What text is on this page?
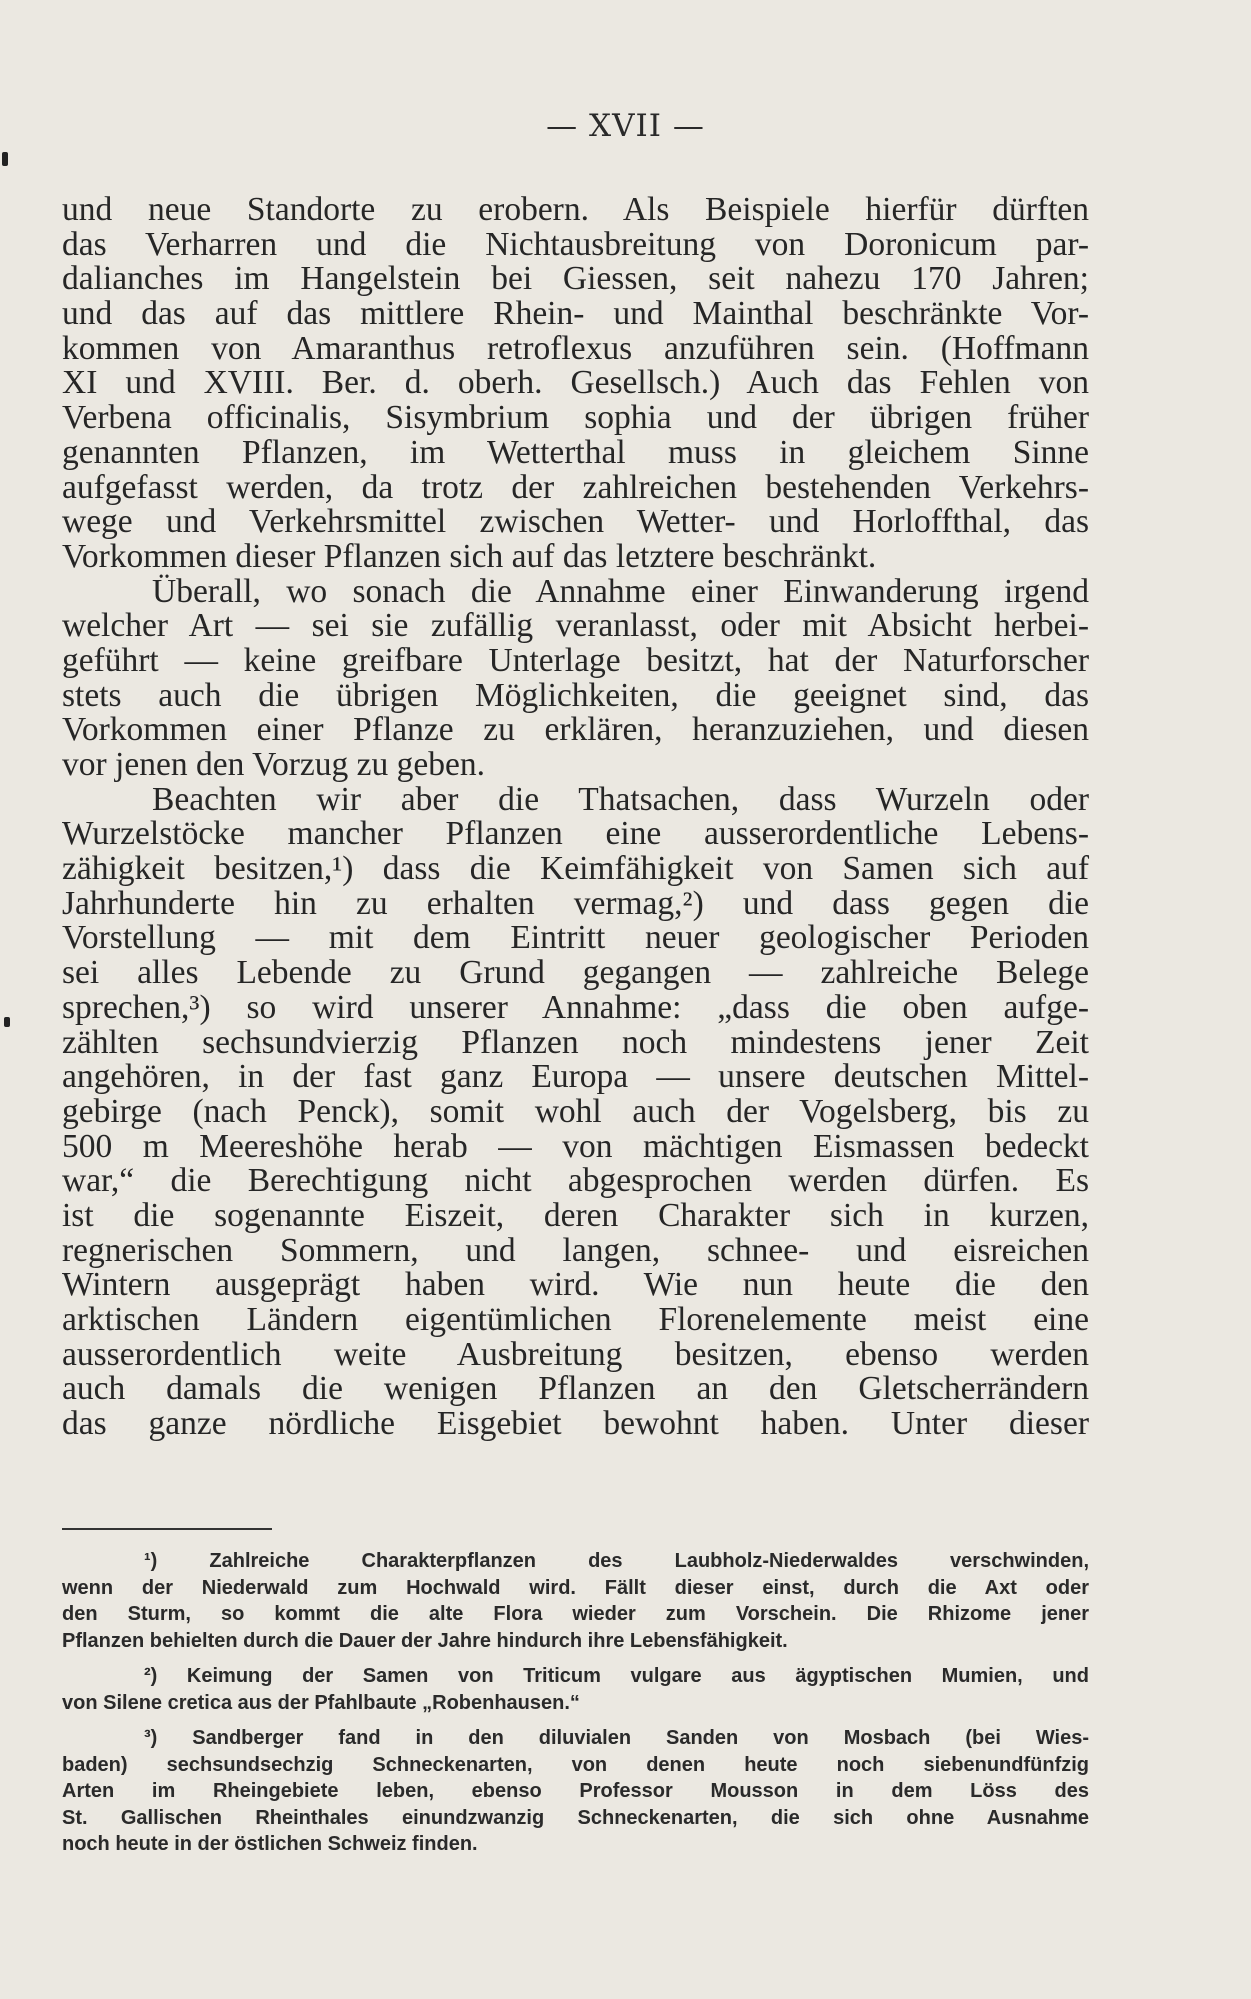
— XVII —
und neue Standorte zu erobern. Als Beispiele hierfür dürften
das Verharren und die Nichtausbreitung von Doronicum par-
dalianches im Hangelstein bei Giessen, seit nahezu 170 Jahren;
und das auf das mittlere Rhein- und Mainthal beschränkte Vor-
kommen von Amaranthus retroflexus anzuführen sein. (Hoffmann
XI und XVIII. Ber. d. oberh. Gesellsch.) Auch das Fehlen von
Verbena officinalis, Sisymbrium sophia und der übrigen früher
genannten Pflanzen, im Wetterthal muss in gleichem Sinne
aufgefasst werden, da trotz der zahlreichen bestehenden Verkehrs-
wege und Verkehrsmittel zwischen Wetter- und Horloffthal, das
Vorkommen dieser Pflanzen sich auf das letztere beschränkt.
Überall, wo sonach die Annahme einer Einwanderung irgend
welcher Art — sei sie zufällig veranlasst, oder mit Absicht herbei-
geführt — keine greifbare Unterlage besitzt, hat der Naturforscher
stets auch die übrigen Möglichkeiten, die geeignet sind, das
Vorkommen einer Pflanze zu erklären, heranzuziehen, und diesen
vor jenen den Vorzug zu geben.
Beachten wir aber die Thatsachen, dass Wurzeln oder
Wurzelstöcke mancher Pflanzen eine ausserordentliche Lebens-
zähigkeit besitzen,¹) dass die Keimfähigkeit von Samen sich auf
Jahrhunderte hin zu erhalten vermag,²) und dass gegen die
Vorstellung — mit dem Eintritt neuer geologischer Perioden
sei alles Lebende zu Grund gegangen — zahlreiche Belege
sprechen,³) so wird unserer Annahme: „dass die oben aufge-
zählten sechsundvierzig Pflanzen noch mindestens jener Zeit
angehören, in der fast ganz Europa — unsere deutschen Mittel-
gebirge (nach Penck), somit wohl auch der Vogelsberg, bis zu
500 m Meereshöhe herab — von mächtigen Eismassen bedeckt
war,“ die Berechtigung nicht abgesprochen werden dürfen. Es
ist die sogenannte Eiszeit, deren Charakter sich in kurzen,
regnerischen Sommern, und langen, schnee- und eisreichen
Wintern ausgeprägt haben wird. Wie nun heute die den
arktischen Ländern eigentümlichen Florenelemente meist eine
ausserordentlich weite Ausbreitung besitzen, ebenso werden
auch damals die wenigen Pflanzen an den Gletscherrändern
das ganze nördliche Eisgebiet bewohnt haben. Unter dieser
¹) Zahlreiche Charakterpflanzen des Laubholz-Niederwaldes verschwinden,
wenn der Niederwald zum Hochwald wird. Fällt dieser einst, durch die Axt oder
den Sturm, so kommt die alte Flora wieder zum Vorschein. Die Rhizome jener
Pflanzen behielten durch die Dauer der Jahre hindurch ihre Lebensfähigkeit.
²) Keimung der Samen von Triticum vulgare aus ägyptischen Mumien, und
von Silene cretica aus der Pfahlbaute „Robenhausen.“
³) Sandberger fand in den diluvialen Sanden von Mosbach (bei Wies-
baden) sechsundsechzig Schneckenarten, von denen heute noch siebenundfünfzig
Arten im Rheingebiete leben, ebenso Professor Mousson in dem Löss des
St. Gallischen Rheinthales einundzwanzig Schneckenarten, die sich ohne Ausnahme
noch heute in der östlichen Schweiz finden.
